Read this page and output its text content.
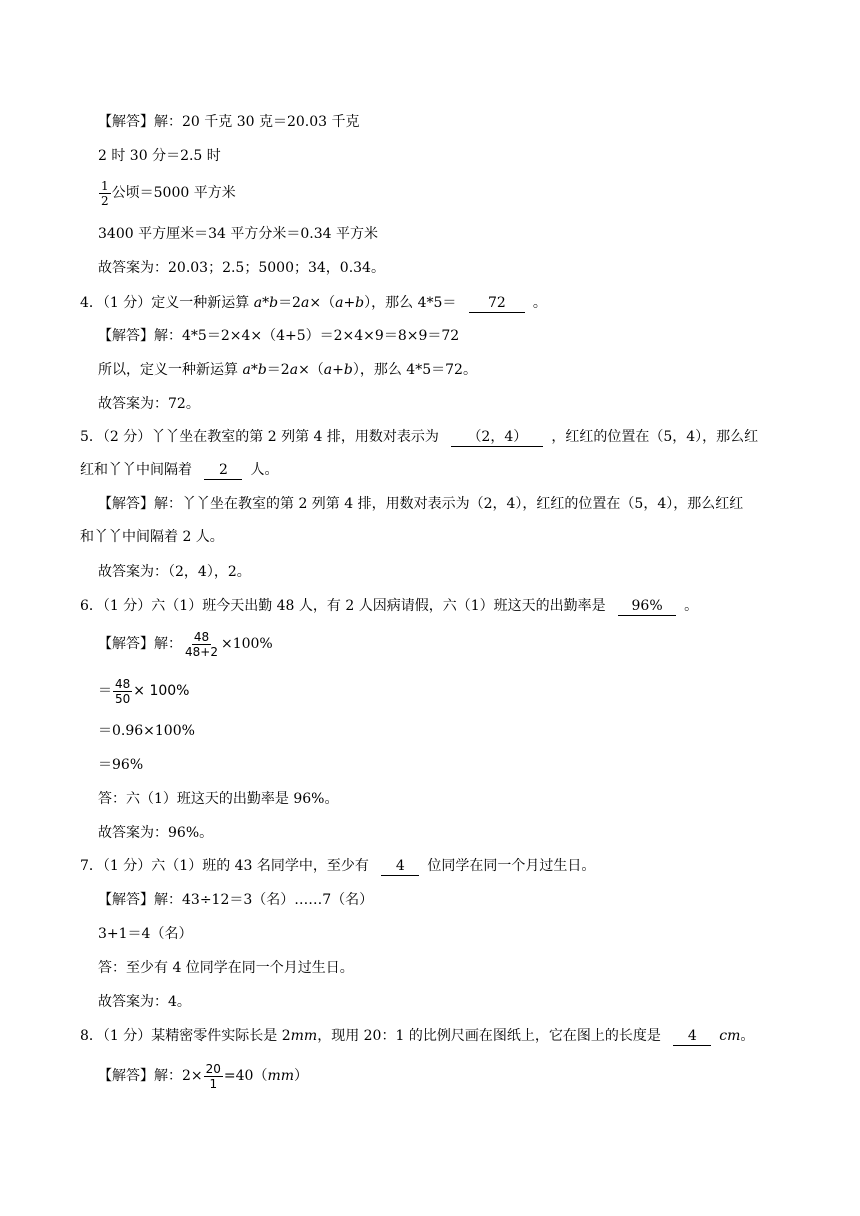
【解答】解：20 千克 30 克＝20.03 千克
2 时 30 分＝2.5 时
$\frac{1}{2}$ 公顷＝5000 平方米
3400 平方厘米＝34 平方分米＝0.34 平方米
故答案为：20.03；2.5；5000；34，0.34。
4．（1 分）定义一种新运算 a*b＝2a×（a+b），那么 4*5＝ 72 。
【解答】解：4*5＝2×4×（4+5）＝2×4×9＝8×9＝72
所以，定义一种新运算 a*b＝2a×（a+b），那么 4*5＝72。
故答案为：72。
5．（2 分）丫丫坐在教室的第 2 列第 4 排，用数对表示为 （2，4） ，红红的位置在（5，4），那么红
红和丫丫中间隔着 2 人。
【解答】解：丫丫坐在教室的第 2 列第 4 排，用数对表示为（2，4），红红的位置在（5，4），那么红红
和丫丫中间隔着 2 人。
故答案为：（2，4），2。
6．（1 分）六（1）班今天出勤 48 人，有 2 人因病请假，六（1）班这天的出勤率是 96% 。
【解答】解： $\frac{48}{48+2} \times 100\%$
＝ $\frac{48}{50} \times 100\%$
＝0.96×100%
＝96%
答：六（1）班这天的出勤率是 96%。
故答案为：96%。
7．（1 分）六（1）班的 43 名同学中，至少有 4 位同学在同一个月过生日。
【解答】解：43÷12＝3（名）……7（名）
3+1＝4（名）
答：至少有 4 位同学在同一个月过生日。
故答案为：4。
8．（1 分）某精密零件实际长是 2mm，现用 20：1 的比例尺画在图纸上，它在图上的长度是 4 cm。
【解答】解：$2\times \frac{20}{1} =40(mm)$
